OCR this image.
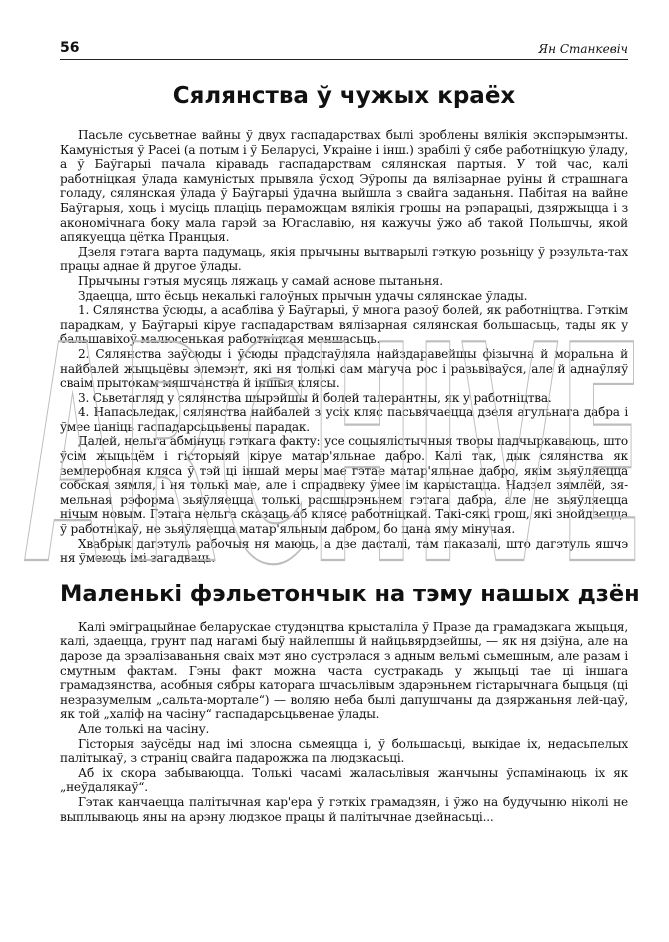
56	Ян Станкевіч
Сялянства ў чужых краёх

Пасьле сусьветнае вайны ў двух гаспадарствах былі зроблены вялікія экспэрымэнты. Камуністыя ў Расеі (а потым і ў Беларусі, Украіне і інш.) зрабілі ў сябе работніцкую ўладу, а ў Баўгарыі пачала кіравадь гаспадарствам сялянская партыя. У той час, калі работніцкая ўлада камуністых прывяла ўсход Эўропы да вялізарнае руіны й страшнага голаду, сялянская ўлада ў Баўгарыі ўдачна выйшла з свайга заданьня. Пабітая на вайне Баўгарыя, хоць і мусіць плаціць пераможцам вялікія грошы на рэпарацыі, дзяржыцца і з акономічнага боку мала гарэй за Югаславію, ня кажучы ўжо аб такой Польшчы, якой апякуецца цётка Пранцыя.

Дзеля гэтага варта падумаць, якія прычыны вытварылі гэткую розьніцу ў рэзульта-тах працы аднае й другое ўлады.

Прычыны гэтыя мусяць ляжаць у самай аснове пытаньня.

Здаецца, што ёсьць некалькі галоўных прычын удачы сялянскае ўлады.

1. Сялянства ўсюды, а асабліва ў Баўгарыі, ў многа разоў болей, як работніцтва. Гэткім парадкам, у Баўгарыі кіруе гаспадарствам вялізарная сялянская большасьць, тады як у бальшавіхоў малюсенькая работніцкая меншасьць.

2. Сялянства заўсюды і ўсюды прадстаўляла найздаравейшы фізычна й моральна й найбалей жыцьцёвы элемэнт, які ня толькі сам магуча рос і разьвіваўся, але й аднаўляў сваім прытокам мяшчанства й іншыя клясы.

3. Сьветагляд у сялянства шырэйшы й болей талерантны, як у работніцтва.

4. Напасьледак, сялянства найбалей з усіх кляс пасьвячаецца дзеля агульнага дабра і ўмее цаніць гаспадарсьцьвены парадак.

Далей, нельга абмінуць гэткага факту: усе соцыялістычныя творы падчыркаваюць, што ўсім жыцьцём і гісторыяй кіруе матар'яльнае дабро. Калі так, дык сялянства як землеробная кляса ў тэй ці іншай меры мае гэтае матар'яльнае дабро, якім зьяўляецца собская зямля, і ня толькі мае, але і спрадвеку ўмее ім карыстацца. Надзел зямлёй, зя-мельная рэформа зьяўляецца толькі расшырэньнем гэтага дабра, але не зьяўляецца нічым новым. Гэтага нельга сказаць аб клясе работніцкай. Такі-сякі грош, які знойдзецца ў работнікаў, не зьяўляецца матар'яльным дабром, бо цана яму мінучая.

Хвабрык дагэтуль рабочыя ня маюць, а дзе дасталі, там паказалі, што дагэтуль яшчэ ня ўмеюць імі загадваць.

Маленькі фэльетончык на тэму нашых дзён

Калі эміграцыйнае беларускае студэнцтва крысталіла ў Празе да грамадзкага жыцьця, калі, здаецца, грунт пад нагамі быў найлепшы й найцьвярдзейшы, — як ня дзіўна, але на дарозе да зрэалізаваньня сваіх мэт яно сустрэлася з адным вельмі сьмешным, але разам і смутным фактам. Гэны факт можна часта сустракадь у жыцьці тае ці іншага грамадзянства, асобныя сябры каторага шчасьлівым здарэньнем гістарычнага быцьця (ці незразумелым „сальта-мортале“) — воляю неба былі дапушчаны да дзяржаньня лей-цаў, як той „халіф на часіну“ гаспадарсьцьвенае ўлады.

Але толькі на часіну.

Гісторыя заўсёды над імі злосна сьмеяцца і, ў большасьці, выкідае іх, недасьпелых палітыкаў, з страніц свайга падарожжа па людзкасьці.

Аб іх скора забываюцца. Толькі часамі жаласьлівыя жанчыны ўспамінаюць іх як „неўдалякаў“.

Гэтак канчаецца палітычная кар'ера ў гэткіх грамадзян, і ўжо на будучыню ніколі не выплываюць яны на арэну людзкое працы й палітычнае дзейнасьці...

ARCHIVE
